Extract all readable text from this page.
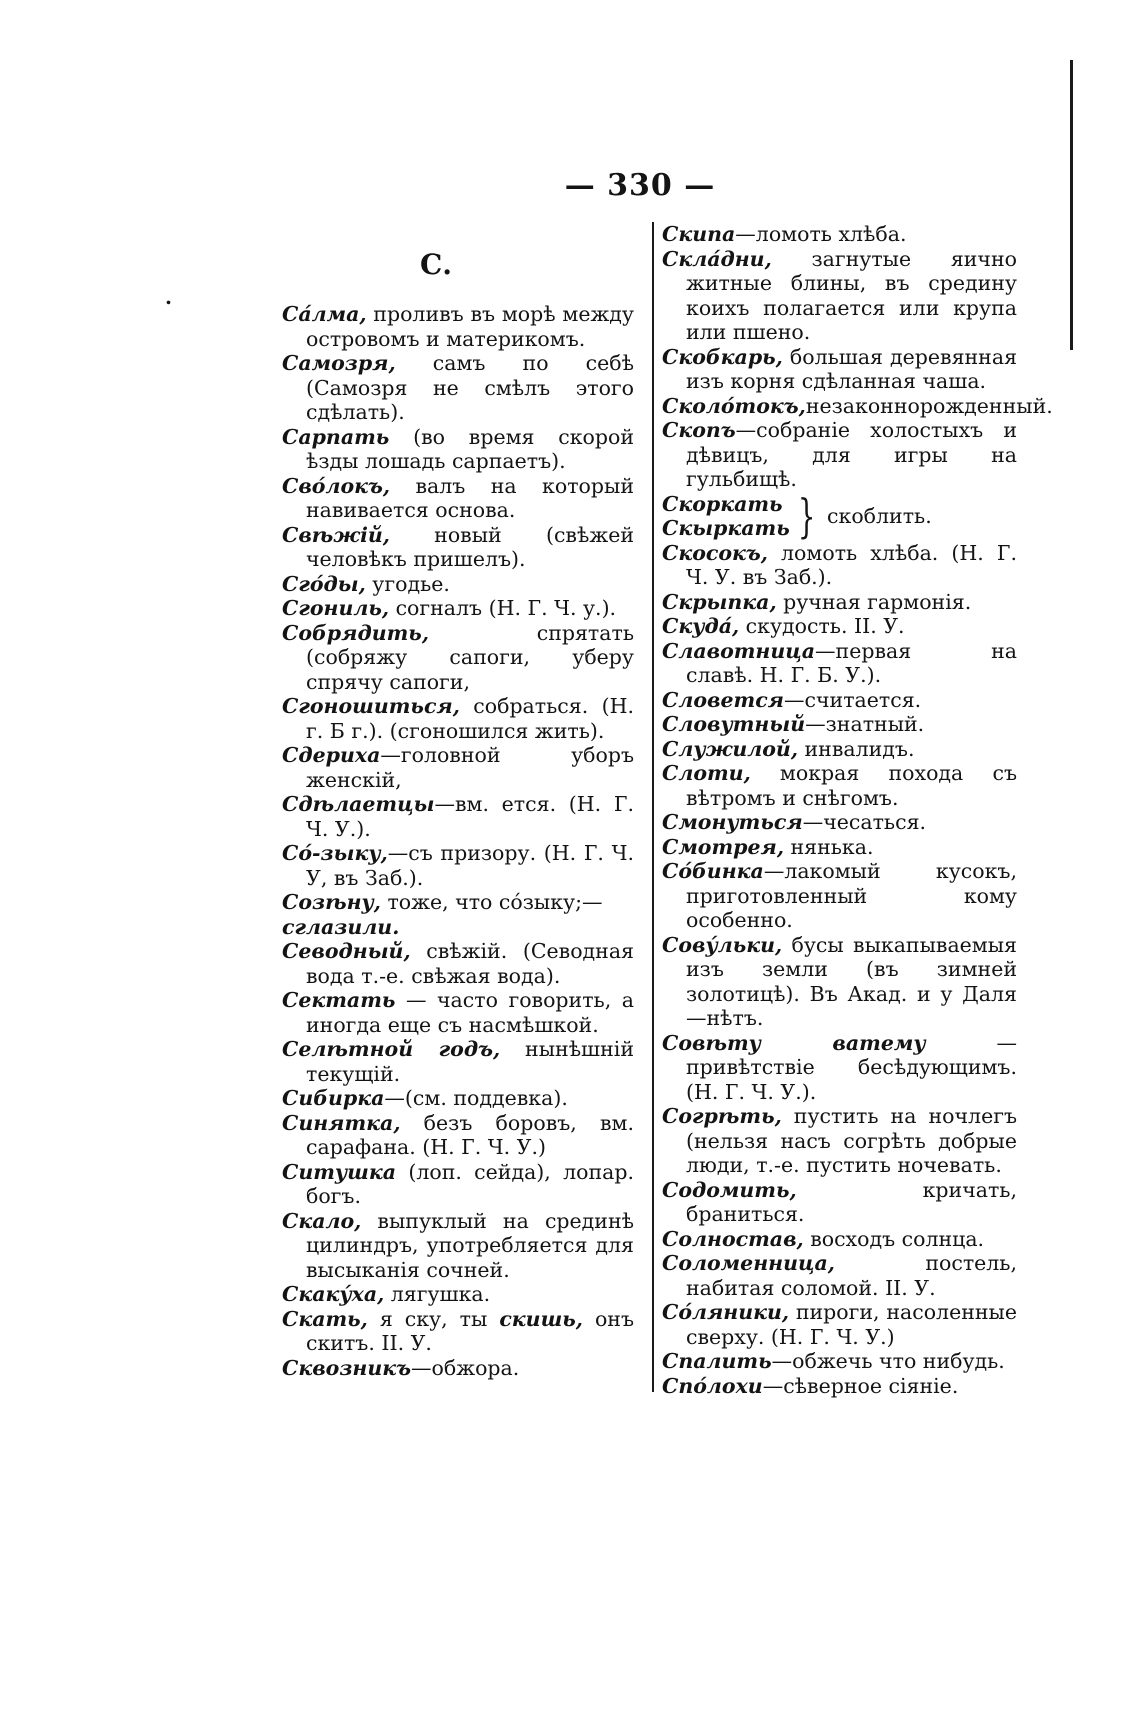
— 330 —
С.
.
Са́лма, проливъ въ морѣ между островомъ и материкомъ.
Самозря, самъ по себѣ (Самозря не смѣлъ этого сдѣлать).
Сарпать (во время скорой ѣзды лошадь сарпаетъ).
Сво́локъ, валъ на который навивается основа.
Свѣжій, новый (свѣжей человѣкъ пришелъ).
Сго́ды, угодье.
Сгониль, согналъ (Н. Г. Ч. у.).
Собрядить, спрятать (собряжу сапоги, уберу спрячу сапоги,
Сгоношиться, собраться. (Н. г. Б г.). (сгоношился жить).
Сдериха—головной уборъ женскій,
Сдѣлаетцы—вм. ется. (Н. Г. Ч. У.).
Со́-зыку,—съ призору. (Н. Г. Ч. У, въ Заб.).
Созѣну, тоже, что со́зыку;—
сглазили.
Севодный, свѣжій. (Севодная вода т.-е. свѣжая вода).
Сектать — часто говорить, а иногда еще съ насмѣшкой.
Селѣтной годъ, нынѣшній текущій.
Сибирка—(см. поддевка).
Синятка, безъ боровъ, вм. сарафана. (Н. Г. Ч. У.)
Ситушка (лоп. сейда), лопар. богъ.
Скало, выпуклый на срединѣ цилиндръ, употребляется для высыканія сочней.
Скаку́ха, лягушка.
Скать, я ску, ты скишь, онъ скитъ. II. У.
Сквозникъ—обжора.
Скипа—ломоть хлѣба.
Скла́дни, загнутые яично житные блины, въ средину коихъ полагается или крупа или пшено.
Скобкарь, большая деревянная изъ корня сдѣланная чаша.
Сколо́токъ,незаконнорожденный.
Скопъ—собраніе холостыхъ и дѣвицъ, для игры на гульбищѣ.
Скоркать
Скыркать } скоблить.
Скосокъ, ломоть хлѣба. (Н. Г. Ч. У. въ Заб.).
Скрыпка, ручная гармонія.
Скуда́, скудость. II. У.
Славотница—первая на славѣ. Н. Г. Б. У.).
Словется—считается.
Словутный—знатный.
Служилой, инвалидъ.
Слоти, мокрая похода съ вѣтромъ и снѣгомъ.
Смонуться—чесаться.
Смотрея, нянька.
Со́бинка—лакомый кусокъ, приготовленный кому особенно.
Сову́льки, бусы выкапываемыя изъ земли (въ зимней золотицѣ). Въ Акад. и у Даля—нѣтъ.
Совѣту ватему — привѣтствіе бесѣдующимъ. (Н. Г. Ч. У.).
Согрѣть, пустить на ночлегъ (нельзя насъ согрѣть добрые люди, т.-е. пустить ночевать.
Содомить, кричать, браниться.
Солностав, восходъ солнца.
Соломенница, постель, набитая соломой. II. У.
Со́ляники, пироги, насоленные сверху. (Н. Г. Ч. У.)
Спалить—обжечь что нибудь.
Спо́лохи—сѣверное сіяніе.
